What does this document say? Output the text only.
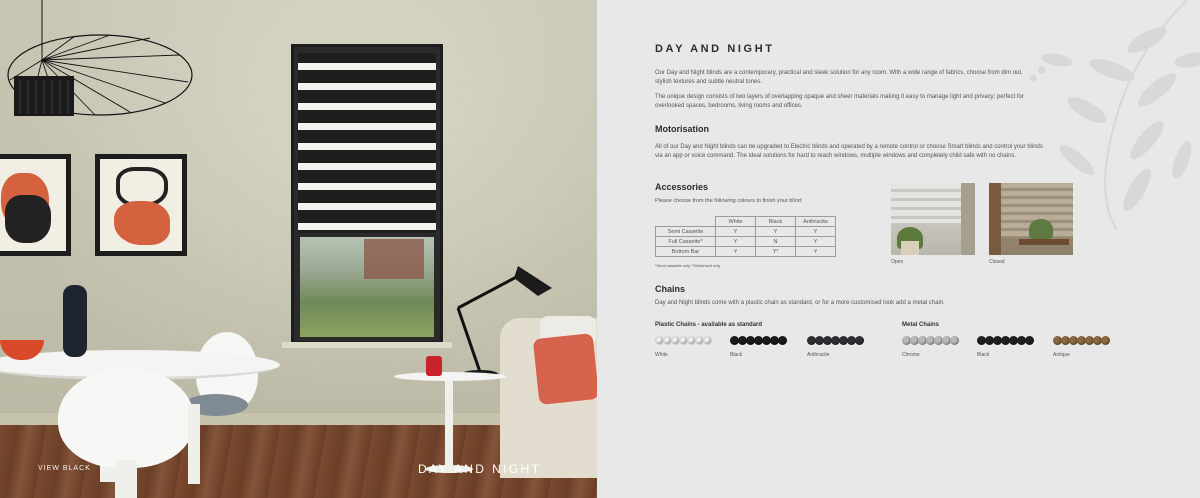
VIEW BLACK	DAY AND NIGHT
DAY AND NIGHT
Our Day and Night blinds are a contemporary, practical and sleek solution for any room. With a wide range of fabrics, choose from dim out, stylish textures and subtle neutral tones.
The unique design consists of two layers of overlapping opaque and sheer materials making it easy to manage light and privacy; perfect for overlooked spaces, bedrooms, living rooms and offices.
Motorisation
All of our Day and Night blinds can be upgraded to Electric blinds and operated by a remote control or choose Smart blinds and control your blinds via an app or voice command. The ideal solutions for hard to reach windows, multiple windows and completely child safe with no chains.
Accessories
Please choose from the following colours to finish your blind:
	White	Black	Anthracite
Semi Cassette	Y	Y	Y
Full Cassette*	Y	N	Y
Bottom Bar	Y	Y*	Y
*Semi cassette only **Motorised only
Open	Closed
Chains
Day and Night blinds come with a plastic chain as standard, or for a more customised look add a metal chain.
Plastic Chains - available as standard	Metal Chains
White	Black	Anthracite	Chrome	Black	Antique
